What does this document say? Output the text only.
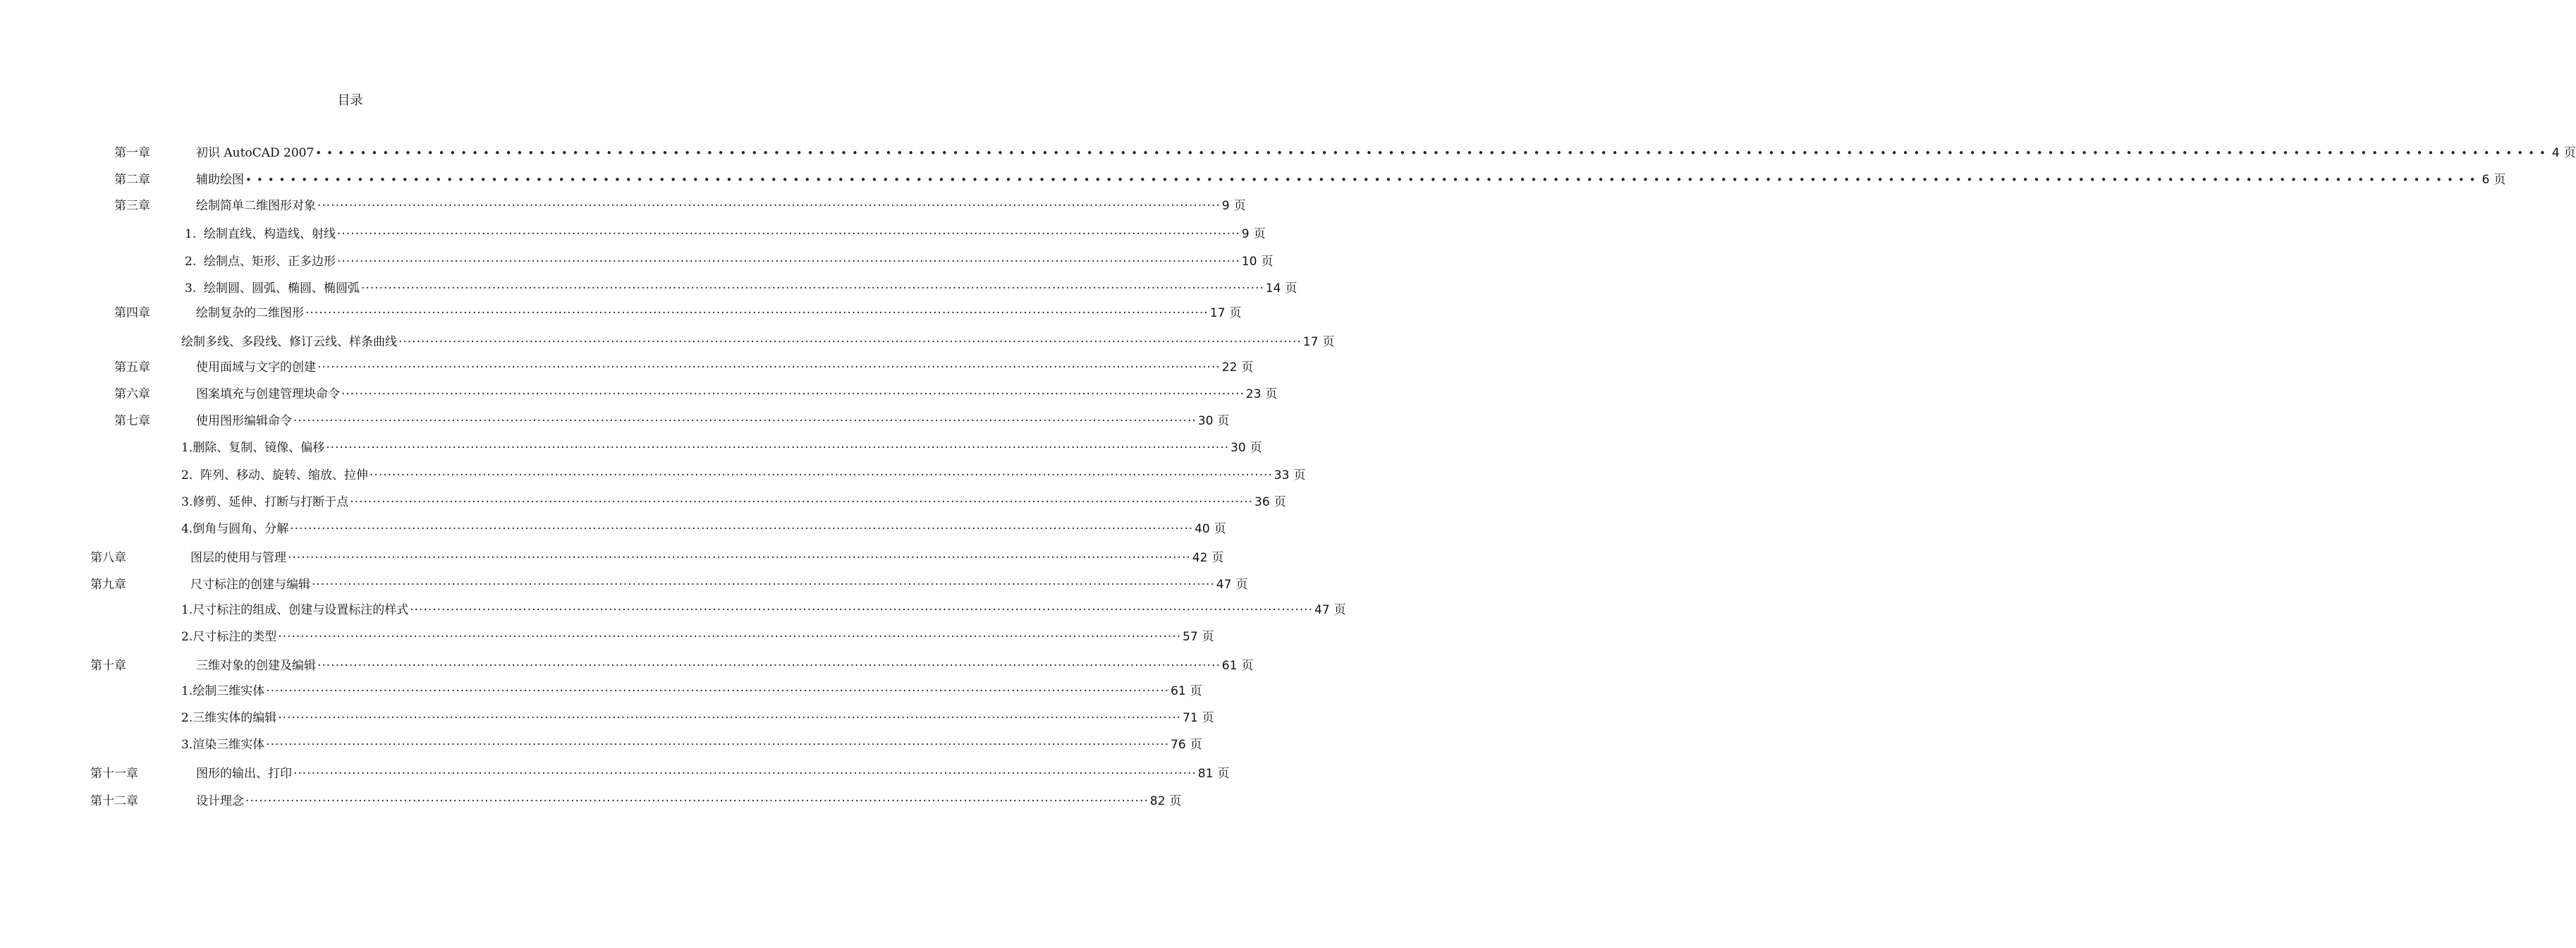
目录
第一章	初识 AutoCAD 2007 •••••••••••••••••••••••••••••••••••••••••••••••••••••••••••••••••••••••••••••••••••••••••••••••••••••••••••••••••••••••••••••••••••••••••••••••••••••••••••••••••••••••••••••••••••••••••••••••••••••••• 4 页
第二章	辅助绘图 •••••••••••••••••••••••••••••••••••••••••••••••••••••••••••••••••••••••••••••••••••••••••••••••••••••••••••••••••••••••••••••••••••••••••••••••••••••••••••••••••••••••••••••••••••••••••••••••••••••••• 6 页
第三章	绘制简单二维图形对象 ········································································································································································································ 9 页
1.  绘制直线、构造线、射线 ········································································································································································································ 9 页
2.  绘制点、矩形、正多边形 ········································································································································································································ 10 页
3.  绘制圆、圆弧、椭圆、椭圆弧 ········································································································································································································ 14 页
第四章	绘制复杂的二维图形 ········································································································································································································ 17 页
绘制多线、多段线、修订云线、样条曲线 ········································································································································································································ 17 页
第五章	使用面域与文字的创建 ········································································································································································································ 22 页
第六章	图案填充与创建管理块命令 ········································································································································································································ 23 页
第七章	使用图形编辑命令 ········································································································································································································ 30 页
1.删除、复制、镜像、偏移 ········································································································································································································ 30 页
2.  阵列、移动、旋转、缩放、拉伸 ········································································································································································································ 33 页
3.修剪、延伸、打断与打断于点 ········································································································································································································ 36 页
4.倒角与圆角、分解 ········································································································································································································ 40 页
第八章	图层的使用与管理 ········································································································································································································ 42 页
第九章	尺寸标注的创建与编辑 ········································································································································································································ 47 页
1.尺寸标注的组成、创建与设置标注的样式 ········································································································································································································ 47 页
2.尺寸标注的类型 ········································································································································································································ 57 页
第十章	三维对象的创建及编辑 ········································································································································································································ 61 页
1.绘制三维实体 ········································································································································································································ 61 页
2.三维实体的编辑 ········································································································································································································ 71 页
3.渲染三维实体 ········································································································································································································ 76 页
第十一章	图形的输出、打印 ········································································································································································································ 81 页
第十二章	设计理念 ········································································································································································································ 82 页
